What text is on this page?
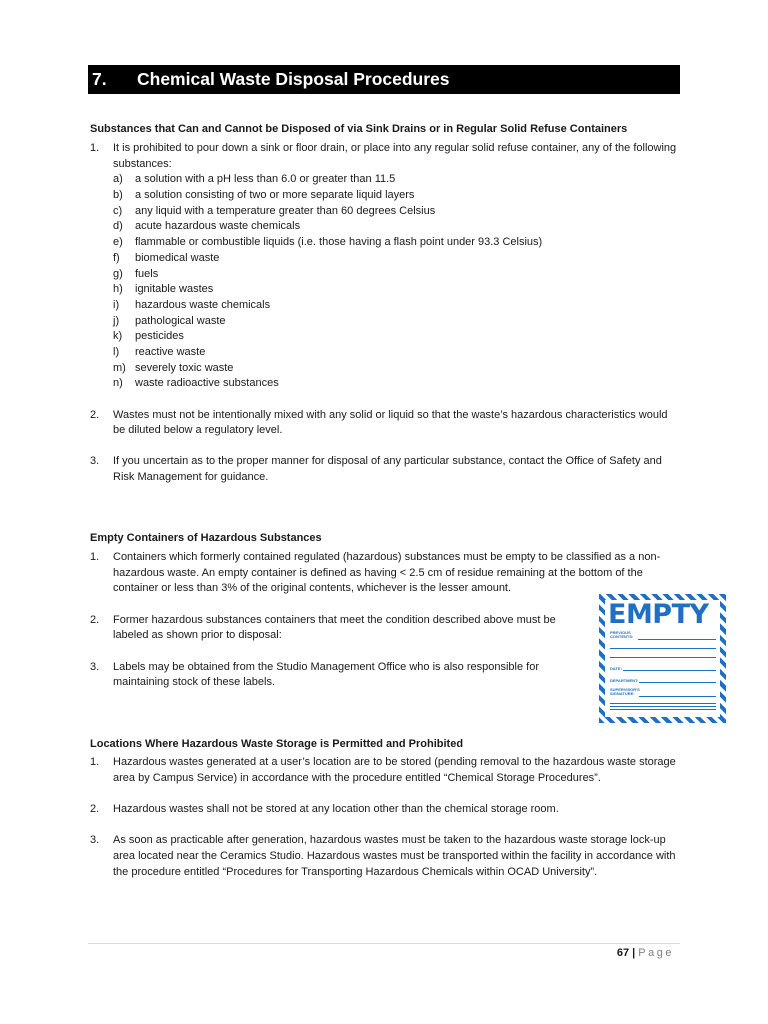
7.	Chemical Waste Disposal Procedures
Substances that Can and Cannot be Disposed of via Sink Drains or in Regular Solid Refuse Containers
1.	It is prohibited to pour down a sink or floor drain, or place into any regular solid refuse container, any of the following substances:
a)	a solution with a pH less than 6.0 or greater than 11.5
b)	a solution consisting of two or more separate liquid layers
c)	any liquid with a temperature greater than 60 degrees Celsius
d)	acute hazardous waste chemicals
e)	flammable or combustible liquids (i.e. those having a flash point under 93.3 Celsius)
f)	biomedical waste
g)	fuels
h)	ignitable wastes
i)	hazardous waste chemicals
j)	pathological waste
k)	pesticides
l)	reactive waste
m) severely toxic waste
n)	waste radioactive substances
2.	Wastes must not be intentionally mixed with any solid or liquid so that the waste’s hazardous characteristics would be diluted below a regulatory level.
3.	If you uncertain as to the proper manner for disposal of any particular substance, contact the Office of Safety and Risk Management for guidance.
Empty Containers of Hazardous Substances
1.	Containers which formerly contained regulated (hazardous) substances must be empty to be classified as a non-hazardous waste. An empty container is defined as having < 2.5 cm of residue remaining at the bottom of the container or less than 3% of the original contents, whichever is the lesser amount.
2.	Former hazardous substances containers that meet the condition described above must be labeled as shown prior to disposal:
3.	Labels may be obtained from the Studio Management Office who is also responsible for maintaining stock of these labels.
EMPTY
PREVIOUS CONTENTS:
DATE:
DEPARTMENT:
SUPERVISOR'S SIGNATURE:
Locations Where Hazardous Waste Storage is Permitted and Prohibited
1.	Hazardous wastes generated at a user’s location are to be stored (pending removal to the hazardous waste storage area by Campus Service) in accordance with the procedure entitled “Chemical Storage Procedures”.
2.	Hazardous wastes shall not be stored at any location other than the chemical storage room.
3.	As soon as practicable after generation, hazardous wastes must be taken to the hazardous waste storage lock-up area located near the Ceramics Studio. Hazardous wastes must be transported within the facility in accordance with the procedure entitled “Procedures for Transporting Hazardous Chemicals within OCAD University”.
67 | Page
